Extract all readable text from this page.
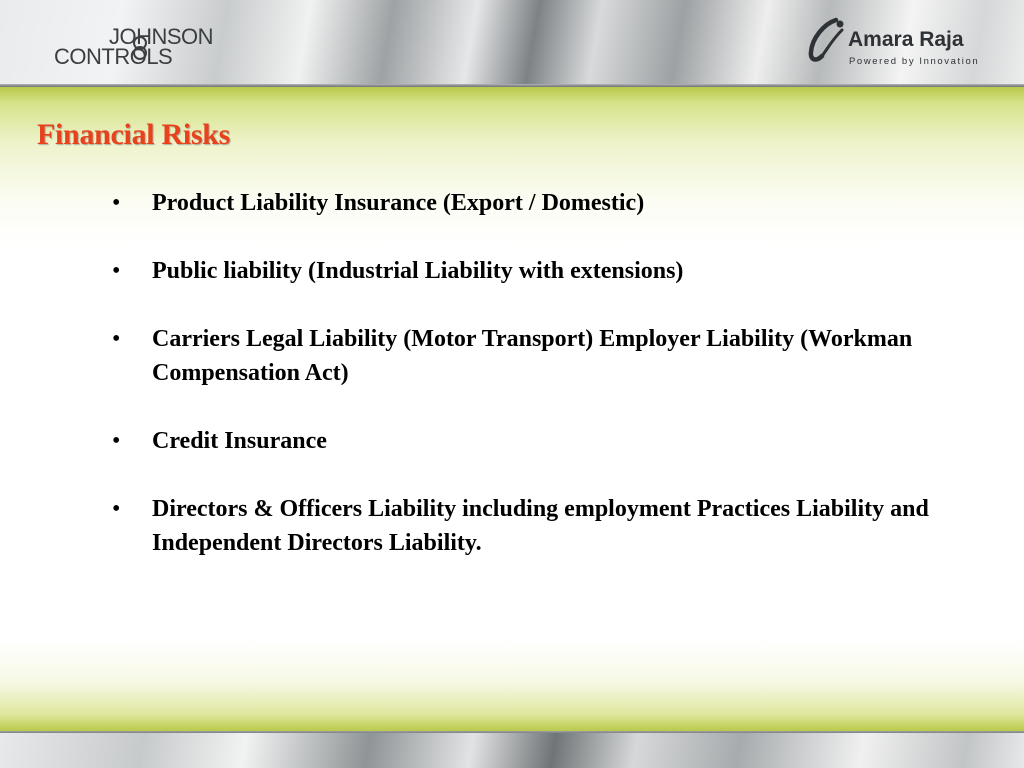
JOHNSON
CONTROLS
Amara Raja
Powered by Innovation
Financial Risks
• Product Liability Insurance (Export / Domestic)
• Public liability (Industrial Liability with extensions)
• Carriers Legal Liability (Motor Transport) Employer Liability (Workman Compensation Act)
• Credit Insurance
• Directors & Officers Liability including employment Practices Liability and Independent Directors Liability.
